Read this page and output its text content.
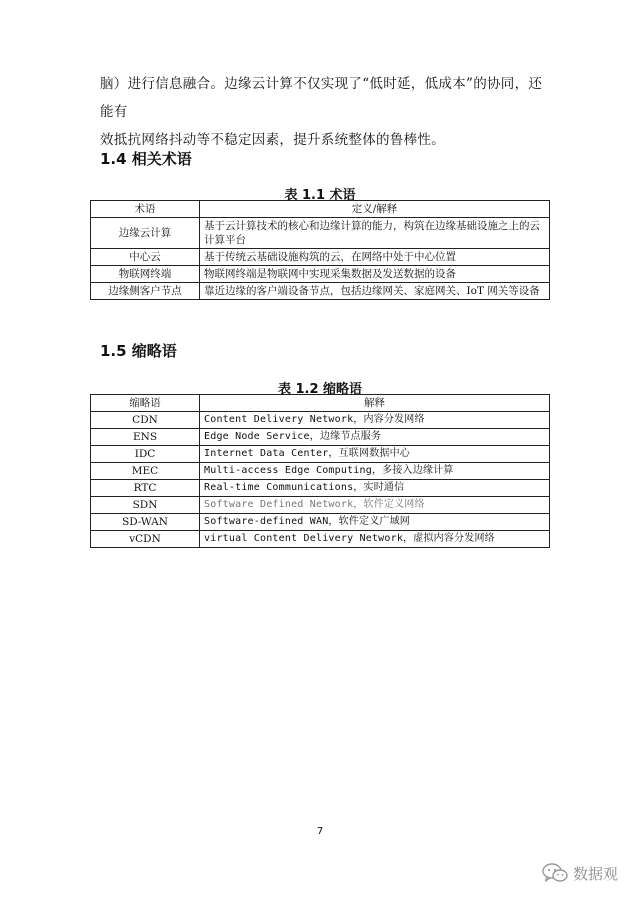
脑）进行信息融合。边缘云计算不仅实现了“低时延，低成本”的协同，还能有
效抵抗网络抖动等不稳定因素，提升系统整体的鲁棒性。
1.4 相关术语
表 1.1 术语
术语	定义/解释
边缘云计算	基于云计算技术的核心和边缘计算的能力，构筑在边缘基础设施之上的云计算平台
中心云	基于传统云基础设施构筑的云，在网络中处于中心位置
物联网终端	物联网终端是物联网中实现采集数据及发送数据的设备
边缘侧客户节点	靠近边缘的客户端设备节点，包括边缘网关、家庭网关、IoT 网关等设备
1.5 缩略语
表 1.2 缩略语
缩略语	解释
CDN	Content Delivery Network，内容分发网络
ENS	Edge Node Service，边缘节点服务
IDC	Internet Data Center，互联网数据中心
MEC	Multi-access Edge Computing，多接入边缘计算
RTC	Real-time Communications，实时通信
SDN	Software Defined Network，软件定义网络
SD-WAN	Software-defined WAN，软件定义广域网
vCDN	virtual Content Delivery Network，虚拟内容分发网络
7
数据观
